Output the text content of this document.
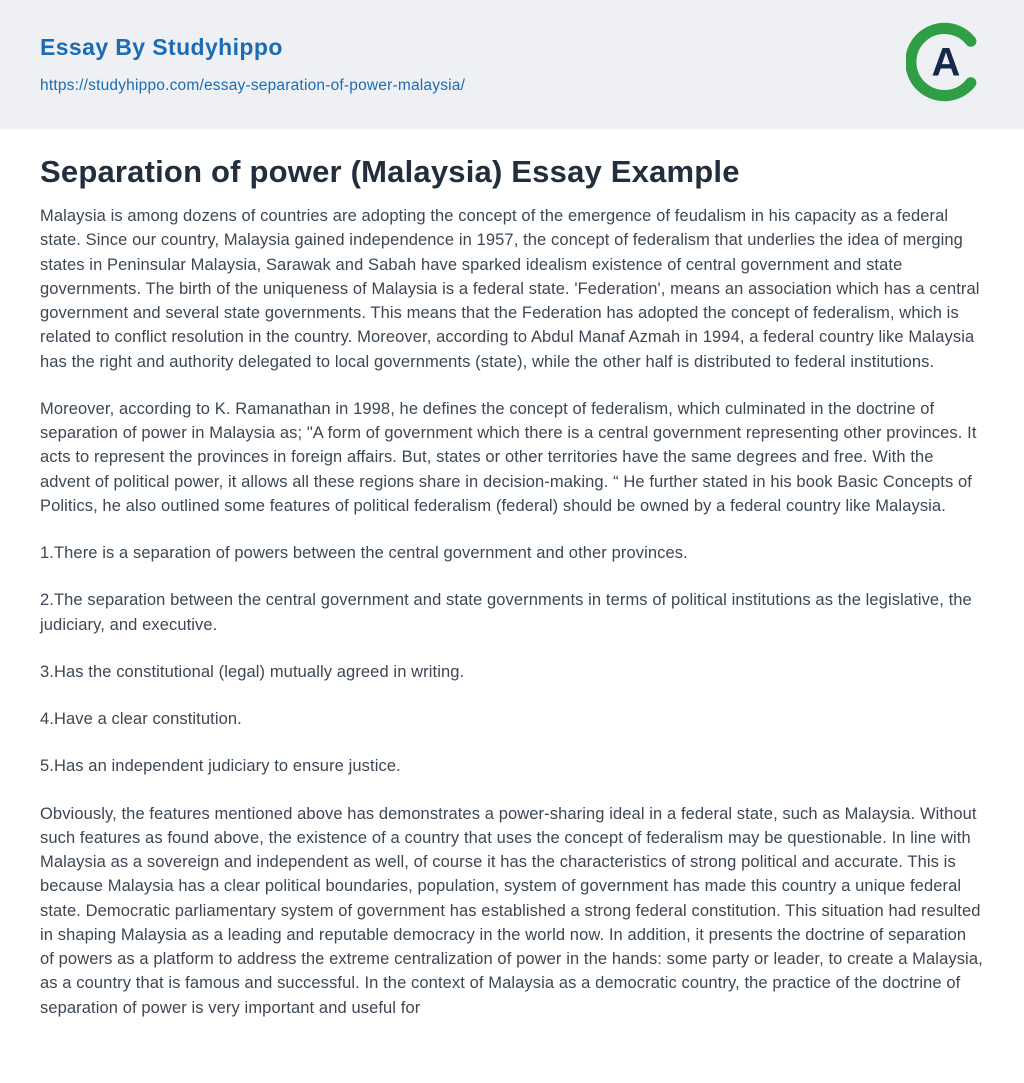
Essay By Studyhippo
https://studyhippo.com/essay-separation-of-power-malaysia/
A
Separation of power (Malaysia) Essay Example

Malaysia is among dozens of countries are adopting the concept of the emergence of feudalism in his capacity as a federal state. Since our country, Malaysia gained independence in 1957, the concept of federalism that underlies the idea of merging states in Peninsular Malaysia, Sarawak and Sabah have sparked idealism existence of central government and state governments. The birth of the uniqueness of Malaysia is a federal state. 'Federation', means an association which has a central government and several state governments. This means that the Federation has adopted the concept of federalism, which is related to conflict resolution in the country. Moreover, according to Abdul Manaf Azmah in 1994, a federal country like Malaysia has the right and authority delegated to local governments (state), while the other half is distributed to federal institutions.

Moreover, according to K. Ramanathan in 1998, he defines the concept of federalism, which culminated in the doctrine of separation of power in Malaysia as; "A form of government which there is a central government representing other provinces. It acts to represent the provinces in foreign affairs. But, states or other territories have the same degrees and free. With the advent of political power, it allows all these regions share in decision-making. “ He further stated in his book Basic Concepts of Politics, he also outlined some features of political federalism (federal) should be owned by a federal country like Malaysia.

1.There is a separation of powers between the central government and other provinces.

2.The separation between the central government and state governments in terms of political institutions as the legislative, the judiciary, and executive.

3.Has the constitutional (legal) mutually agreed in writing.

4.Have a clear constitution.

5.Has an independent judiciary to ensure justice.

Obviously, the features mentioned above has demonstrates a power-sharing ideal in a federal state, such as Malaysia. Without such features as found above, the existence of a country that uses the concept of federalism may be questionable. In line with Malaysia as a sovereign and independent as well, of course it has the characteristics of strong political and accurate. This is because Malaysia has a clear political boundaries, population, system of government has made this country a unique federal state. Democratic parliamentary system of government has established a strong federal constitution. This situation had resulted in shaping Malaysia as a leading and reputable democracy in the world now. In addition, it presents the doctrine of separation of powers as a platform to address the extreme centralization of power in the hands: some party or leader, to create a Malaysia, as a country that is famous and successful. In the context of Malaysia as a democratic country, the practice of the doctrine of separation of power is very important and useful for
